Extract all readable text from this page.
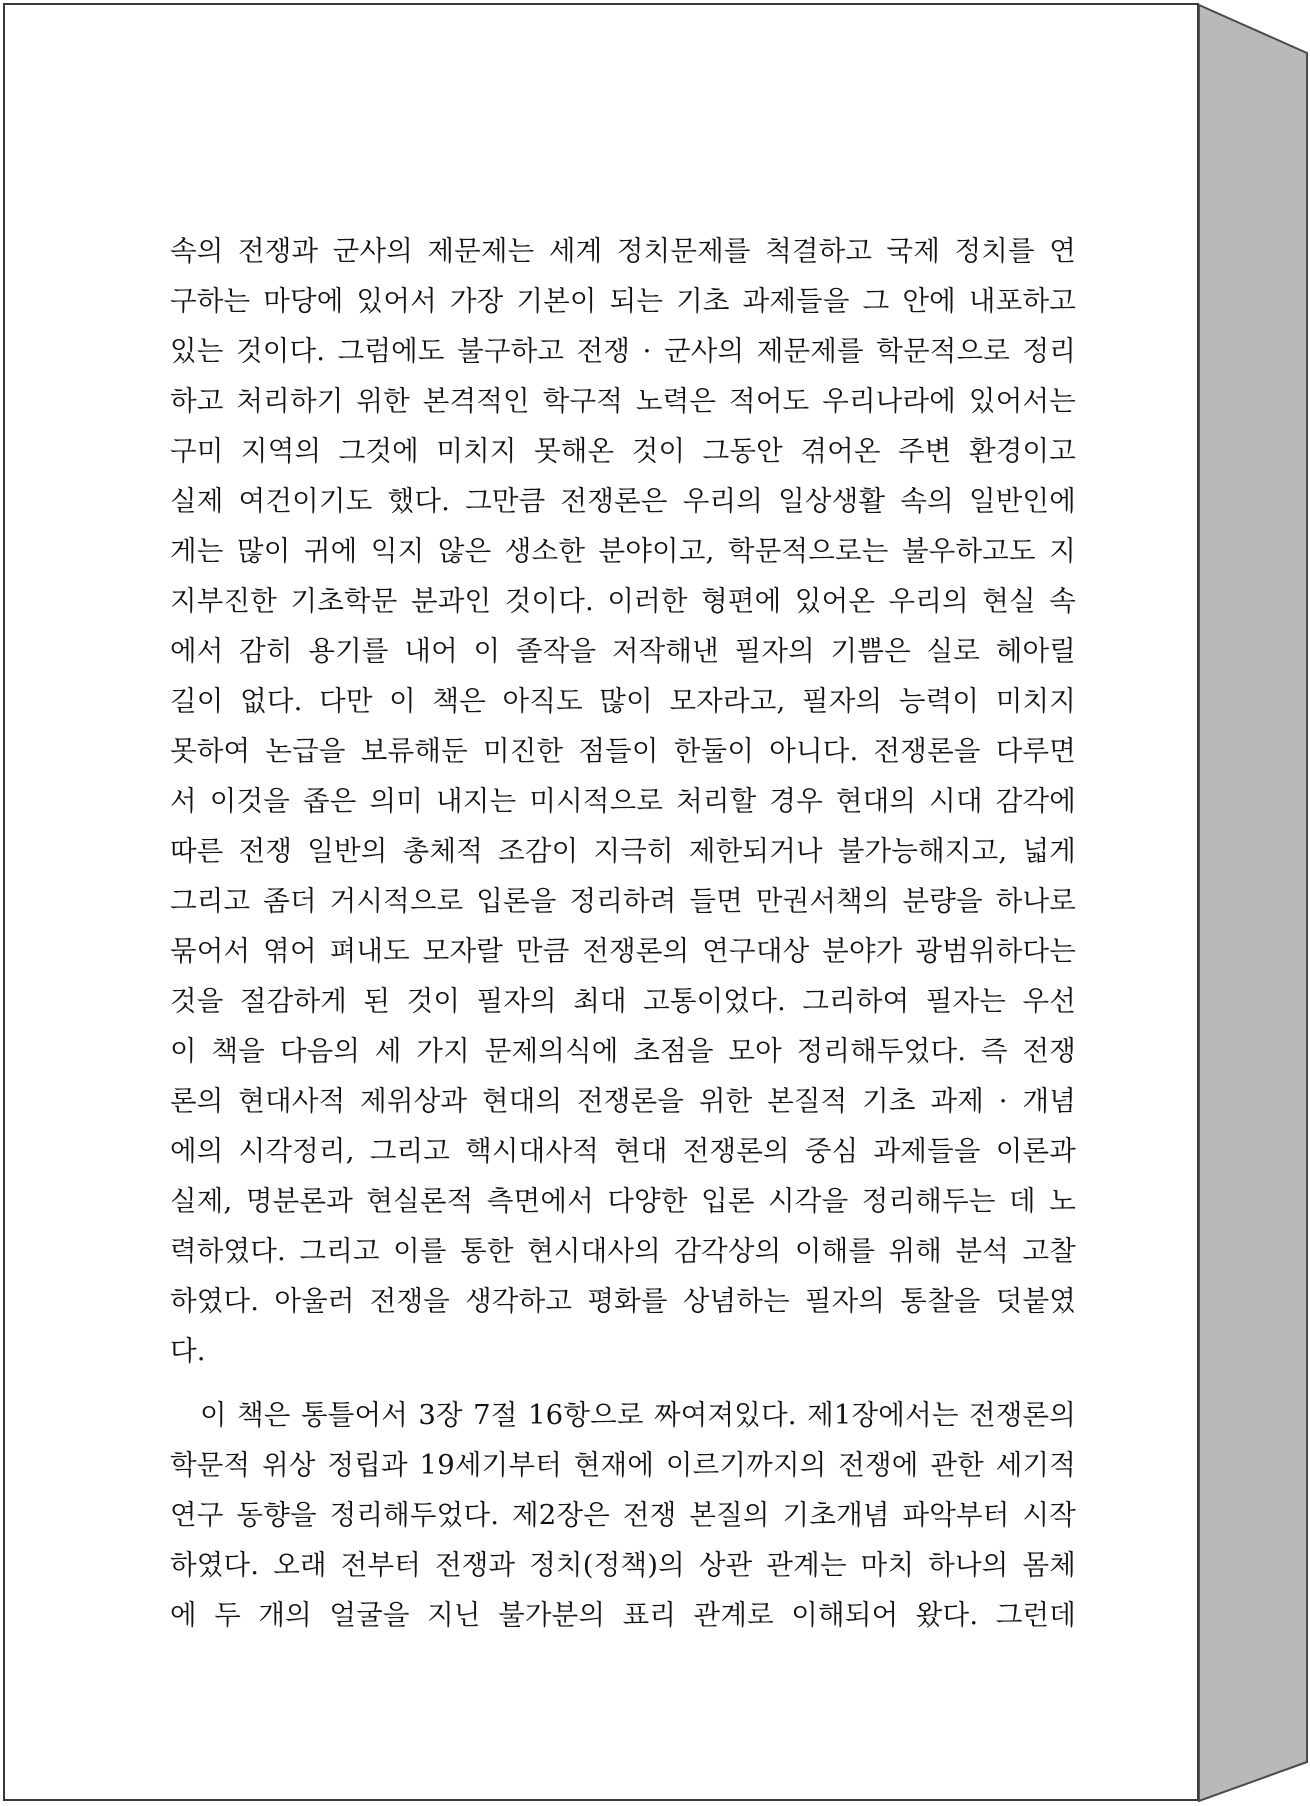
속의 전쟁과 군사의 제문제는 세계 정치문제를 척결하고 국제 정치를 연
구하는 마당에 있어서 가장 기본이 되는 기초 과제들을 그 안에 내포하고
있는 것이다. 그럼에도 불구하고 전쟁 · 군사의 제문제를 학문적으로 정리
하고 처리하기 위한 본격적인 학구적 노력은 적어도 우리나라에 있어서는
구미 지역의 그것에 미치지 못해온 것이 그동안 겪어온 주변 환경이고
실제 여건이기도 했다. 그만큼 전쟁론은 우리의 일상생활 속의 일반인에
게는 많이 귀에 익지 않은 생소한 분야이고, 학문적으로는 불우하고도 지
지부진한 기초학문 분과인 것이다. 이러한 형편에 있어온 우리의 현실 속
에서 감히 용기를 내어 이 졸작을 저작해낸 필자의 기쁨은 실로 헤아릴
길이 없다. 다만 이 책은 아직도 많이 모자라고, 필자의 능력이 미치지
못하여 논급을 보류해둔 미진한 점들이 한둘이 아니다. 전쟁론을 다루면
서 이것을 좁은 의미 내지는 미시적으로 처리할 경우 현대의 시대 감각에
따른 전쟁 일반의 총체적 조감이 지극히 제한되거나 불가능해지고, 넓게
그리고 좀더 거시적으로 입론을 정리하려 들면 만권서책의 분량을 하나로
묶어서 엮어 펴내도 모자랄 만큼 전쟁론의 연구대상 분야가 광범위하다는
것을 절감하게 된 것이 필자의 최대 고통이었다. 그리하여 필자는 우선
이 책을 다음의 세 가지 문제의식에 초점을 모아 정리해두었다. 즉 전쟁
론의 현대사적 제위상과 현대의 전쟁론을 위한 본질적 기초 과제 · 개념
에의 시각정리, 그리고 핵시대사적 현대 전쟁론의 중심 과제들을 이론과
실제, 명분론과 현실론적 측면에서 다양한 입론 시각을 정리해두는 데 노
력하였다. 그리고 이를 통한 현시대사의 감각상의 이해를 위해 분석 고찰
하였다. 아울러 전쟁을 생각하고 평화를 상념하는 필자의 통찰을 덧붙였
다.
이 책은 통틀어서 3장 7절 16항으로 짜여져있다. 제1장에서는 전쟁론의
학문적 위상 정립과 19세기부터 현재에 이르기까지의 전쟁에 관한 세기적
연구 동향을 정리해두었다. 제2장은 전쟁 본질의 기초개념 파악부터 시작
하였다. 오래 전부터 전쟁과 정치(정책)의 상관 관계는 마치 하나의 몸체
에 두 개의 얼굴을 지닌 불가분의 표리 관계로 이해되어 왔다. 그런데
